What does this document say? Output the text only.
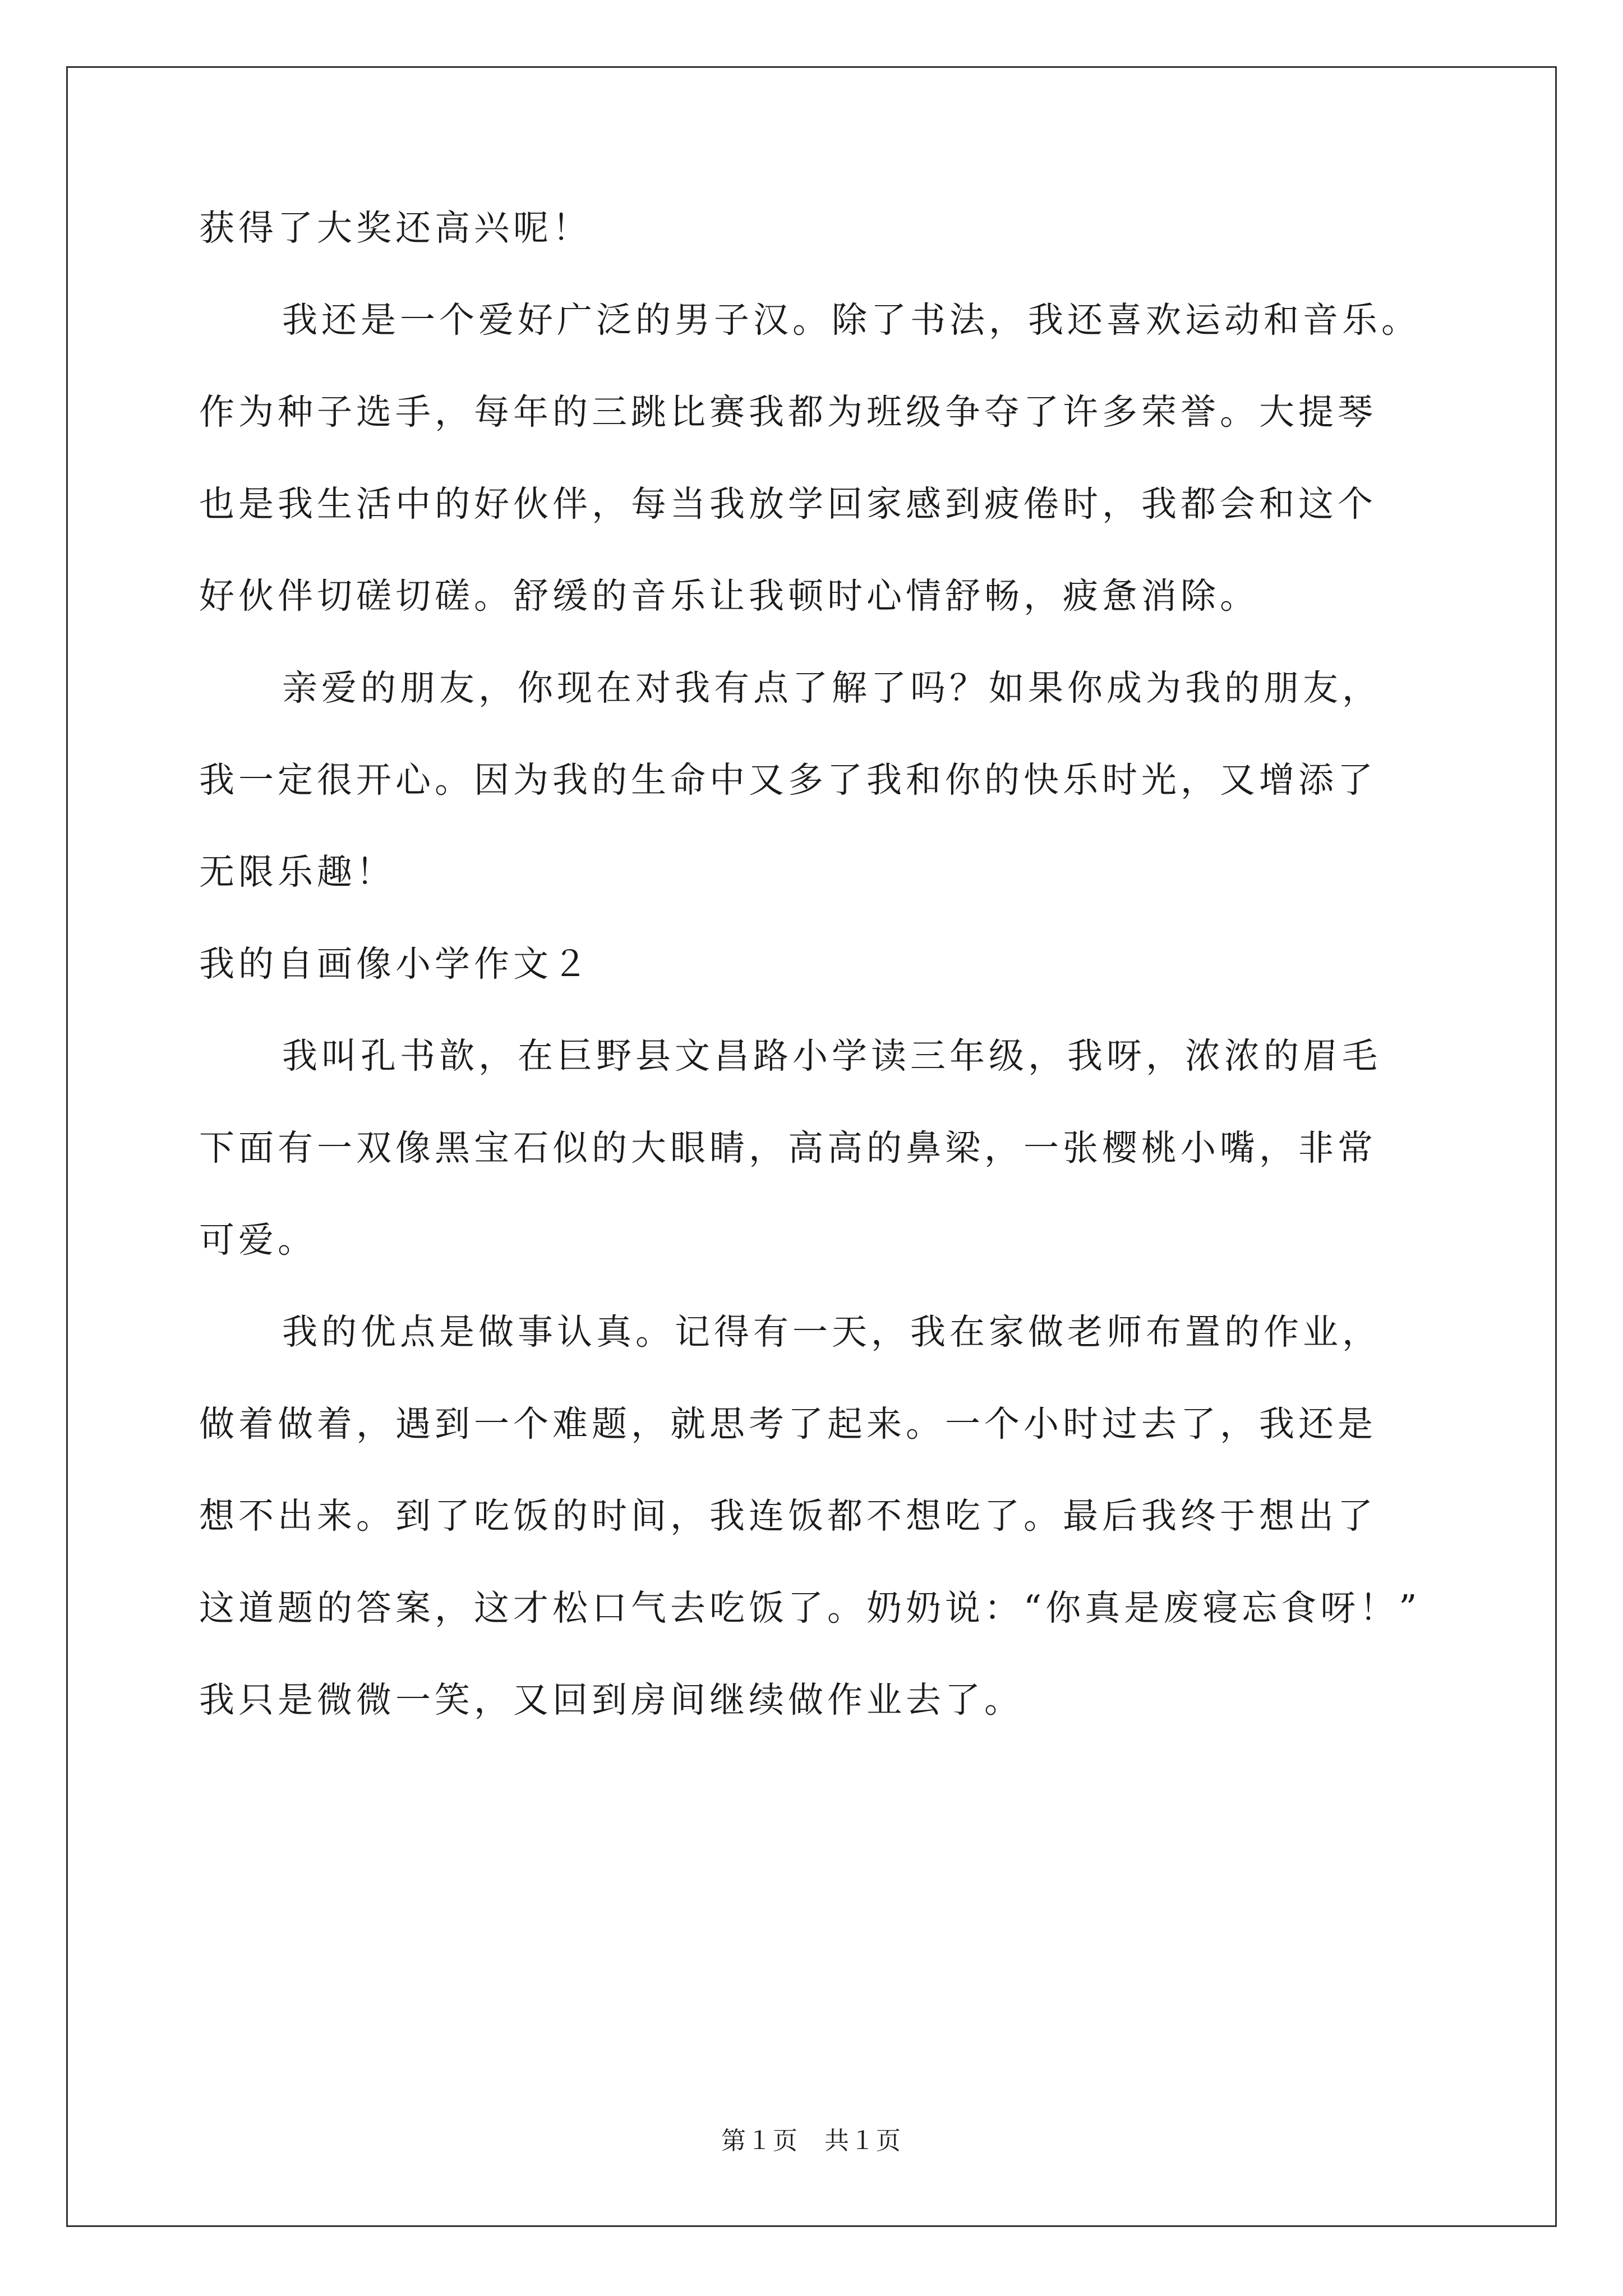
获得了大奖还高兴呢！

我还是一个爱好广泛的男子汉。除了书法，我还喜欢运动和音乐。

作为种子选手，每年的三跳比赛我都为班级争夺了许多荣誉。大提琴

也是我生活中的好伙伴，每当我放学回家感到疲倦时，我都会和这个

好伙伴切磋切磋。舒缓的音乐让我顿时心情舒畅，疲惫消除。

亲爱的朋友，你现在对我有点了解了吗？如果你成为我的朋友，

我一定很开心。因为我的生命中又多了我和你的快乐时光，又增添了

无限乐趣！

我的自画像小学作文２

我叫孔书歆，在巨野县文昌路小学读三年级，我呀，浓浓的眉毛

下面有一双像黑宝石似的大眼睛，高高的鼻梁，一张樱桃小嘴，非常

可爱。

我的优点是做事认真。记得有一天，我在家做老师布置的作业，

做着做着，遇到一个难题，就思考了起来。一个小时过去了，我还是

想不出来。到了吃饭的时间，我连饭都不想吃了。最后我终于想出了

这道题的答案，这才松口气去吃饭了。奶奶说：“你真是废寝忘食呀！”

我只是微微一笑，又回到房间继续做作业去了。

第１页 共１页
